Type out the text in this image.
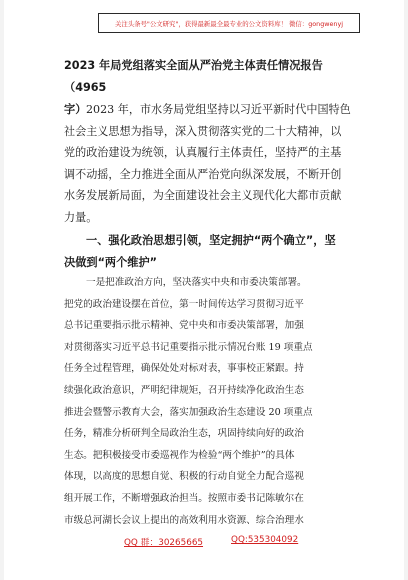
关注头条号"公文研究"，获得最新最全最专业的公文资料库！ 微信：gongwenyj
2023 年局党组落实全面从严治党主体责任情况报告（4965
字） 2023 年，市水务局党组坚持以习近平新时代中国特色
社会主义思想为指导，深入贯彻落实党的二十大精神，以
党的政治建设为统领，认真履行主体责任，坚持严的主基
调不动摇，全力推进全面从严治党向纵深发展，不断开创
水务发展新局面，为全面建设社会主义现代化大都市贡献
力量。
一、强化政治思想引领，坚定拥护“两个确立”，坚
决做到“两个维护”
一是把准政治方向，坚决落实中央和市委决策部署。
把党的政治建设摆在首位，第一时间传达学习贯彻习近平
总书记重要指示批示精神、党中央和市委决策部署，加强
对贯彻落实习近平总书记重要指示批示情况台账 19 项重点
任务全过程管理，确保处处对标对表，事事校正紧跟。持
续强化政治意识，严明纪律规矩，召开持续净化政治生态
推进会暨警示教育大会，落实加强政治生态建设 20 项重点
任务，精准分析研判全局政治生态，巩固持续向好的政治
生态。把积极接受市委巡视作为检验“两个维护”的具体
体现，以高度的思想自觉、积极的行动自觉全力配合巡视
组开展工作，不断增强政治担当。按照市委书记陈敏尔在
市级总河湖长会议上提出的高效利用水资源、综合治理水
QQ 群：30265665	QQ:535304092
